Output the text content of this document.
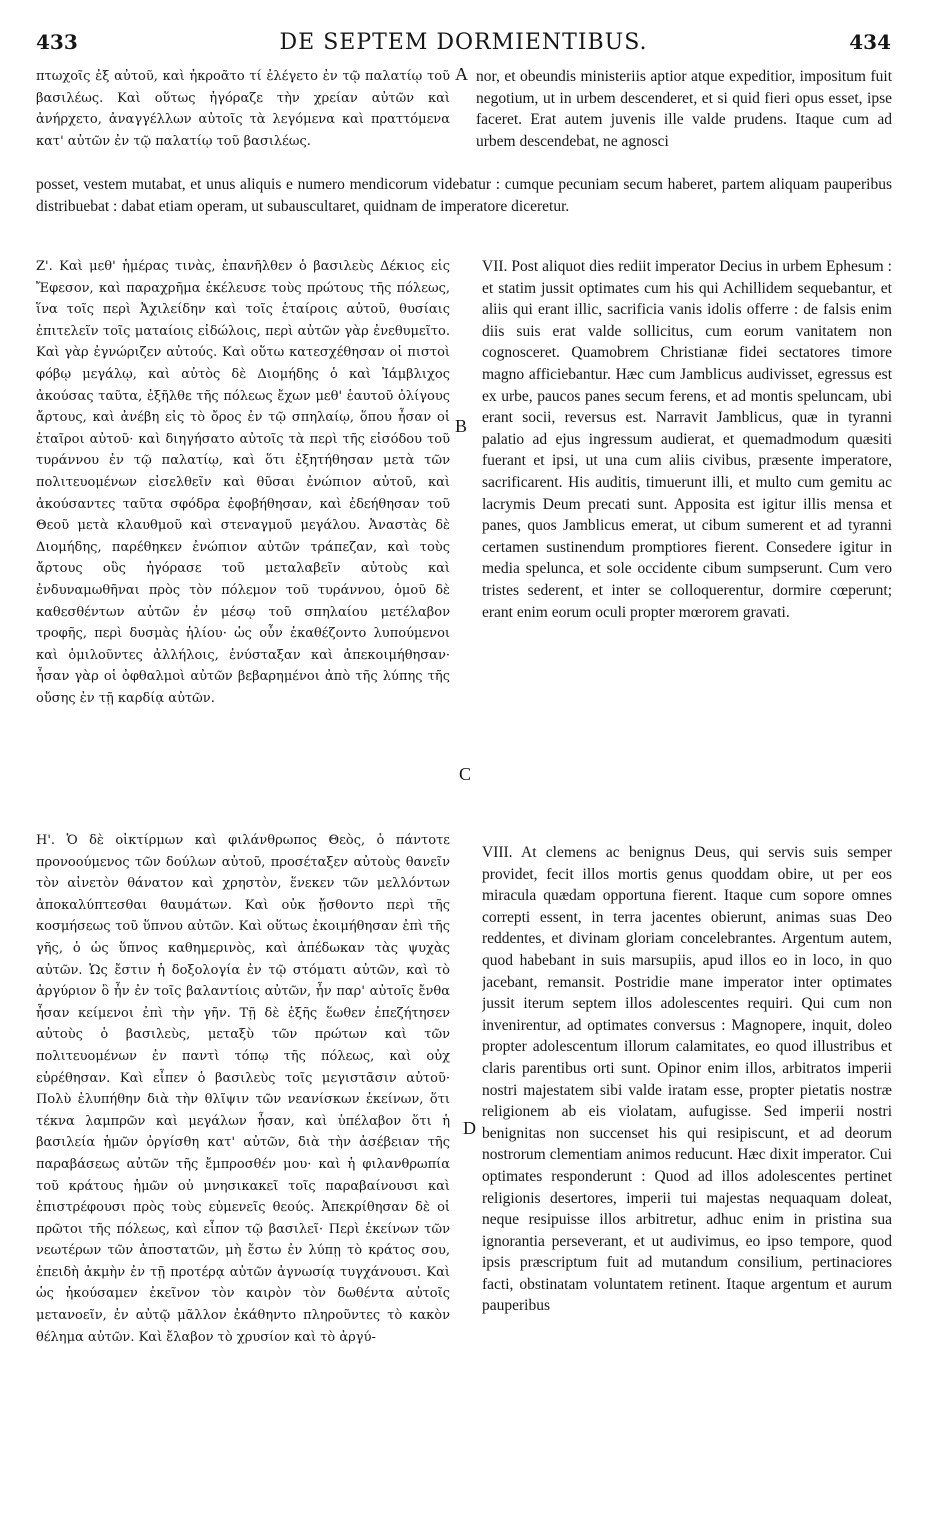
433	DE SEPTEM DORMIENTIBUS.	434

πτωχοῖς ἐξ αὐτοῦ, καὶ ἠκροᾶτο τί ἐλέγετο ἐν τῷ παλατίῳ τοῦ βασιλέως. Καὶ οὕτως ἠγόραζε τὴν χρείαν αὐτῶν καὶ ἀνήρχετο, ἀναγγέλλων αὐτοῖς τὰ λεγόμενα καὶ πραττόμενα κατ' αὐτῶν ἐν τῷ παλατίῳ τοῦ βασιλέως.

nor, et obeundis ministeriis aptior atque expeditior, impositum fuit negotium, ut in urbem descenderet, et si quid fieri opus esset, ipse faceret. Erat autem juvenis ille valde prudens. Itaque cum ad urbem descendebat, ne agnosci

posset, vestem mutabat, et unus aliquis e numero mendicorum videbatur : cumque pecuniam secum haberet, partem aliquam pauperibus distribuebat : dabat etiam operam, ut subauscultaret, quidnam de imperatore diceretur.

Ζ'. Καὶ μεθ' ἡμέρας τινὰς, ἐπανῆλθεν ὁ βασιλεὺς Δέκιος εἰς Ἔφεσον, καὶ παραχρῆμα ἐκέλευσε τοὺς πρώτους τῆς πόλεως, ἵνα τοῖς περὶ Ἀχιλείδην καὶ τοῖς ἑταίροις αὐτοῦ, θυσίαις ἐπιτελεῖν τοῖς ματαίοις εἰδώλοις, περὶ αὐτῶν γὰρ ἐνεθυμεῖτο. Καὶ γὰρ ἐγνώριζεν αὐτούς. Καὶ οὕτω κατεσχέθησαν οἱ πιστοὶ φόβῳ μεγάλῳ, καὶ αὐτὸς δὲ Διομήδης ὁ καὶ Ἰάμβλιχος ἀκούσας ταῦτα, ἐξῆλθε τῆς πόλεως ἔχων μεθ' ἑαυτοῦ ὀλίγους ἄρτους, καὶ ἀνέβη εἰς τὸ ὄρος ἐν τῷ σπηλαίῳ, ὅπου ἦσαν οἱ ἑταῖροι αὐτοῦ· καὶ διηγήσατο αὐτοῖς τὰ περὶ τῆς εἰσόδου τοῦ τυράννου ἐν τῷ παλατίῳ, καὶ ὅτι ἐξητήθησαν μετὰ τῶν πολιτευομένων εἰσελθεῖν καὶ θῦσαι ἐνώπιον αὐτοῦ, καὶ ἀκούσαντες ταῦτα σφόδρα ἐφοβήθησαν, καὶ ἐδεήθησαν τοῦ Θεοῦ μετὰ κλαυθμοῦ καὶ στεναγμοῦ μεγάλου. Ἀναστὰς δὲ Διομήδης, παρέθηκεν ἐνώπιον αὐτῶν τράπεζαν, καὶ τοὺς ἄρτους οὓς ἠγόρασε τοῦ μεταλαβεῖν αὐτοὺς καὶ ἐνδυναμωθῆναι πρὸς τὸν πόλεμον τοῦ τυράννου, ὁμοῦ δὲ καθεσθέντων αὐτῶν ἐν μέσῳ τοῦ σπηλαίου μετέλαβον τροφῆς, περὶ δυσμὰς ἡλίου· ὡς οὖν ἐκαθέζοντο λυπούμενοι καὶ ὁμιλοῦντες ἀλλήλοις, ἐνύσταξαν καὶ ἀπεκοιμήθησαν· ἦσαν γὰρ οἱ ὀφθαλμοὶ αὐτῶν βεβαρημένοι ἀπὸ τῆς λύπης τῆς οὔσης ἐν τῇ καρδίᾳ αὐτῶν.

VII. Post aliquot dies rediit imperator Decius in urbem Ephesum : et statim jussit optimates cum his qui Achillidem sequebantur, et aliis qui erant illic, sacrificia vanis idolis offerre : de falsis enim diis suis erat valde sollicitus, cum eorum vanitatem non cognosceret. Quamobrem Christianæ fidei sectatores timore magno afficiebantur. Hæc cum Jamblicus audivisset, egressus est ex urbe, paucos panes secum ferens, et ad montis speluncam, ubi erant socii, reversus est. Narravit Jamblicus, quæ in tyranni palatio ad ejus ingressum audierat, et quemadmodum quæsiti fuerant et ipsi, ut una cum aliis civibus, præsente imperatore, sacrificarent. His auditis, timuerunt illi, et multo cum gemitu ac lacrymis Deum precati sunt. Apposita est igitur illis mensa et panes, quos Jamblicus emerat, ut cibum sumerent et ad tyranni certamen sustinendum promptiores fierent. Consedere igitur in media spelunca, et sole occidente cibum sumpserunt. Cum vero tristes sederent, et inter se colloquerentur, dormire cœperunt; erant enim eorum oculi propter mœrorem gravati.

Η'. Ὁ δὲ οἰκτίρμων καὶ φιλάνθρωπος Θεὸς, ὁ πάντοτε προνοούμενος τῶν δούλων αὐτοῦ, προσέταξεν αὐτοὺς θανεῖν τὸν αἰνετὸν θάνατον καὶ χρηστὸν, ἕνεκεν τῶν μελλόντων ἀποκαλύπτεσθαι θαυμάτων. Καὶ οὐκ ᾔσθοντο περὶ τῆς κοσμήσεως τοῦ ὕπνου αὐτῶν. Καὶ οὕτως ἐκοιμήθησαν ἐπὶ τῆς γῆς, ὁ ὡς ὕπνος καθημερινὸς, καὶ ἀπέδωκαν τὰς ψυχὰς αὐτῶν. Ὡς ἔστιν ἡ δοξολογία ἐν τῷ στόματι αὐτῶν, καὶ τὸ ἀργύριον ὃ ἦν ἐν τοῖς βαλαντίοις αὐτῶν, ἦν παρ' αὐτοῖς ἔνθα ἦσαν κείμενοι ἐπὶ τὴν γῆν. Τῇ δὲ ἑξῆς ἕωθεν ἐπεζήτησεν αὐτοὺς ὁ βασιλεὺς, μεταξὺ τῶν πρώτων καὶ τῶν πολιτευομένων ἐν παντὶ τόπῳ τῆς πόλεως, καὶ οὐχ εὑρέθησαν. Καὶ εἶπεν ὁ βασιλεὺς τοῖς μεγιστᾶσιν αὐτοῦ· Πολὺ ἐλυπήθην διὰ τὴν θλῖψιν τῶν νεανίσκων ἐκείνων, ὅτι τέκνα λαμπρῶν καὶ μεγάλων ἦσαν, καὶ ὑπέλαβον ὅτι ἡ βασιλεία ἡμῶν ὀργίσθη κατ' αὐτῶν, διὰ τὴν ἀσέβειαν τῆς παραβάσεως αὐτῶν τῆς ἔμπροσθέν μου· καὶ ἡ φιλανθρωπία τοῦ κράτους ἡμῶν οὐ μνησικακεῖ τοῖς παραβαίνουσι καὶ ἐπιστρέφουσι πρὸς τοὺς εὐμενεῖς θεούς. Ἀπεκρίθησαν δὲ οἱ πρῶτοι τῆς πόλεως, καὶ εἶπον τῷ βασιλεῖ· Περὶ ἐκείνων τῶν νεωτέρων τῶν ἀποστατῶν, μὴ ἔστω ἐν λύπῃ τὸ κράτος σου, ἐπειδὴ ἀκμὴν ἐν τῇ προτέρᾳ αὐτῶν ἀγνωσίᾳ τυγχάνουσι. Καὶ ὡς ἠκούσαμεν ἐκεῖνον τὸν καιρὸν τὸν δωθέντα αὐτοῖς μετανοεῖν, ἐν αὐτῷ μᾶλλον ἐκάθηντο πληροῦντες τὸ κακὸν θέλημα αὐτῶν. Καὶ ἔλαβον τὸ χρυσίον καὶ τὸ ἀργύ-

VIII. At clemens ac benignus Deus, qui servis suis semper providet, fecit illos mortis genus quoddam obire, ut per eos miracula quædam opportuna fierent. Itaque cum sopore omnes correpti essent, in terra jacentes obierunt, animas suas Deo reddentes, et divinam gloriam concelebrantes. Argentum autem, quod habebant in suis marsupiis, apud illos eo in loco, in quo jacebant, remansit. Postridie mane imperator inter optimates jussit iterum septem illos adolescentes requiri. Qui cum non invenirentur, ad optimates conversus : Magnopere, inquit, doleo propter adolescentum illorum calamitates, eo quod illustribus et claris parentibus orti sunt. Opinor enim illos, arbitratos imperii nostri majestatem sibi valde iratam esse, propter pietatis nostræ religionem ab eis violatam, aufugisse. Sed imperii nostri benignitas non succenset his qui resipiscunt, et ad deorum nostrorum clementiam animos reducunt. Hæc dixit imperator. Cui optimates responderunt : Quod ad illos adolescentes pertinet religionis desertores, imperii tui majestas nequaquam doleat, neque resipuisse illos arbitretur, adhuc enim in pristina sua ignorantia perseverant, et ut audivimus, eo ipso tempore, quod ipsis præscriptum fuit ad mutandum consilium, pertinaciores facti, obstinatam voluntatem retinent. Itaque argentum et aurum pauperibus

A
B
C
D
